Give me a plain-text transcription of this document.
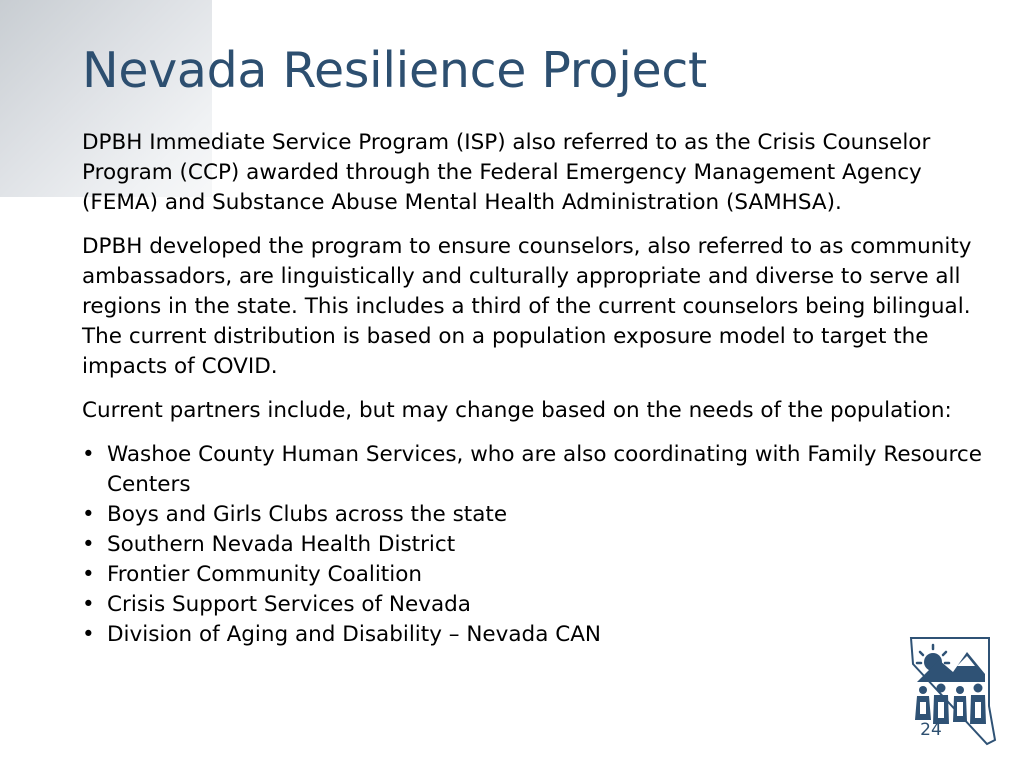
Nevada Resilience Project

DPBH Immediate Service Program (ISP) also referred to as the Crisis Counselor Program (CCP) awarded through the Federal Emergency Management Agency (FEMA) and Substance Abuse Mental Health Administration (SAMHSA).

DPBH developed the program to ensure counselors, also referred to as community ambassadors, are linguistically and culturally appropriate and diverse to serve all regions in the state. This includes a third of the current counselors being bilingual. The current distribution is based on a population exposure model to target the impacts of COVID.

Current partners include, but may change based on the needs of the population:

• Washoe County Human Services, who are also coordinating with Family Resource Centers
• Boys and Girls Clubs across the state
• Southern Nevada Health District
• Frontier Community Coalition
• Crisis Support Services of Nevada
• Division of Aging and Disability – Nevada CAN
24
